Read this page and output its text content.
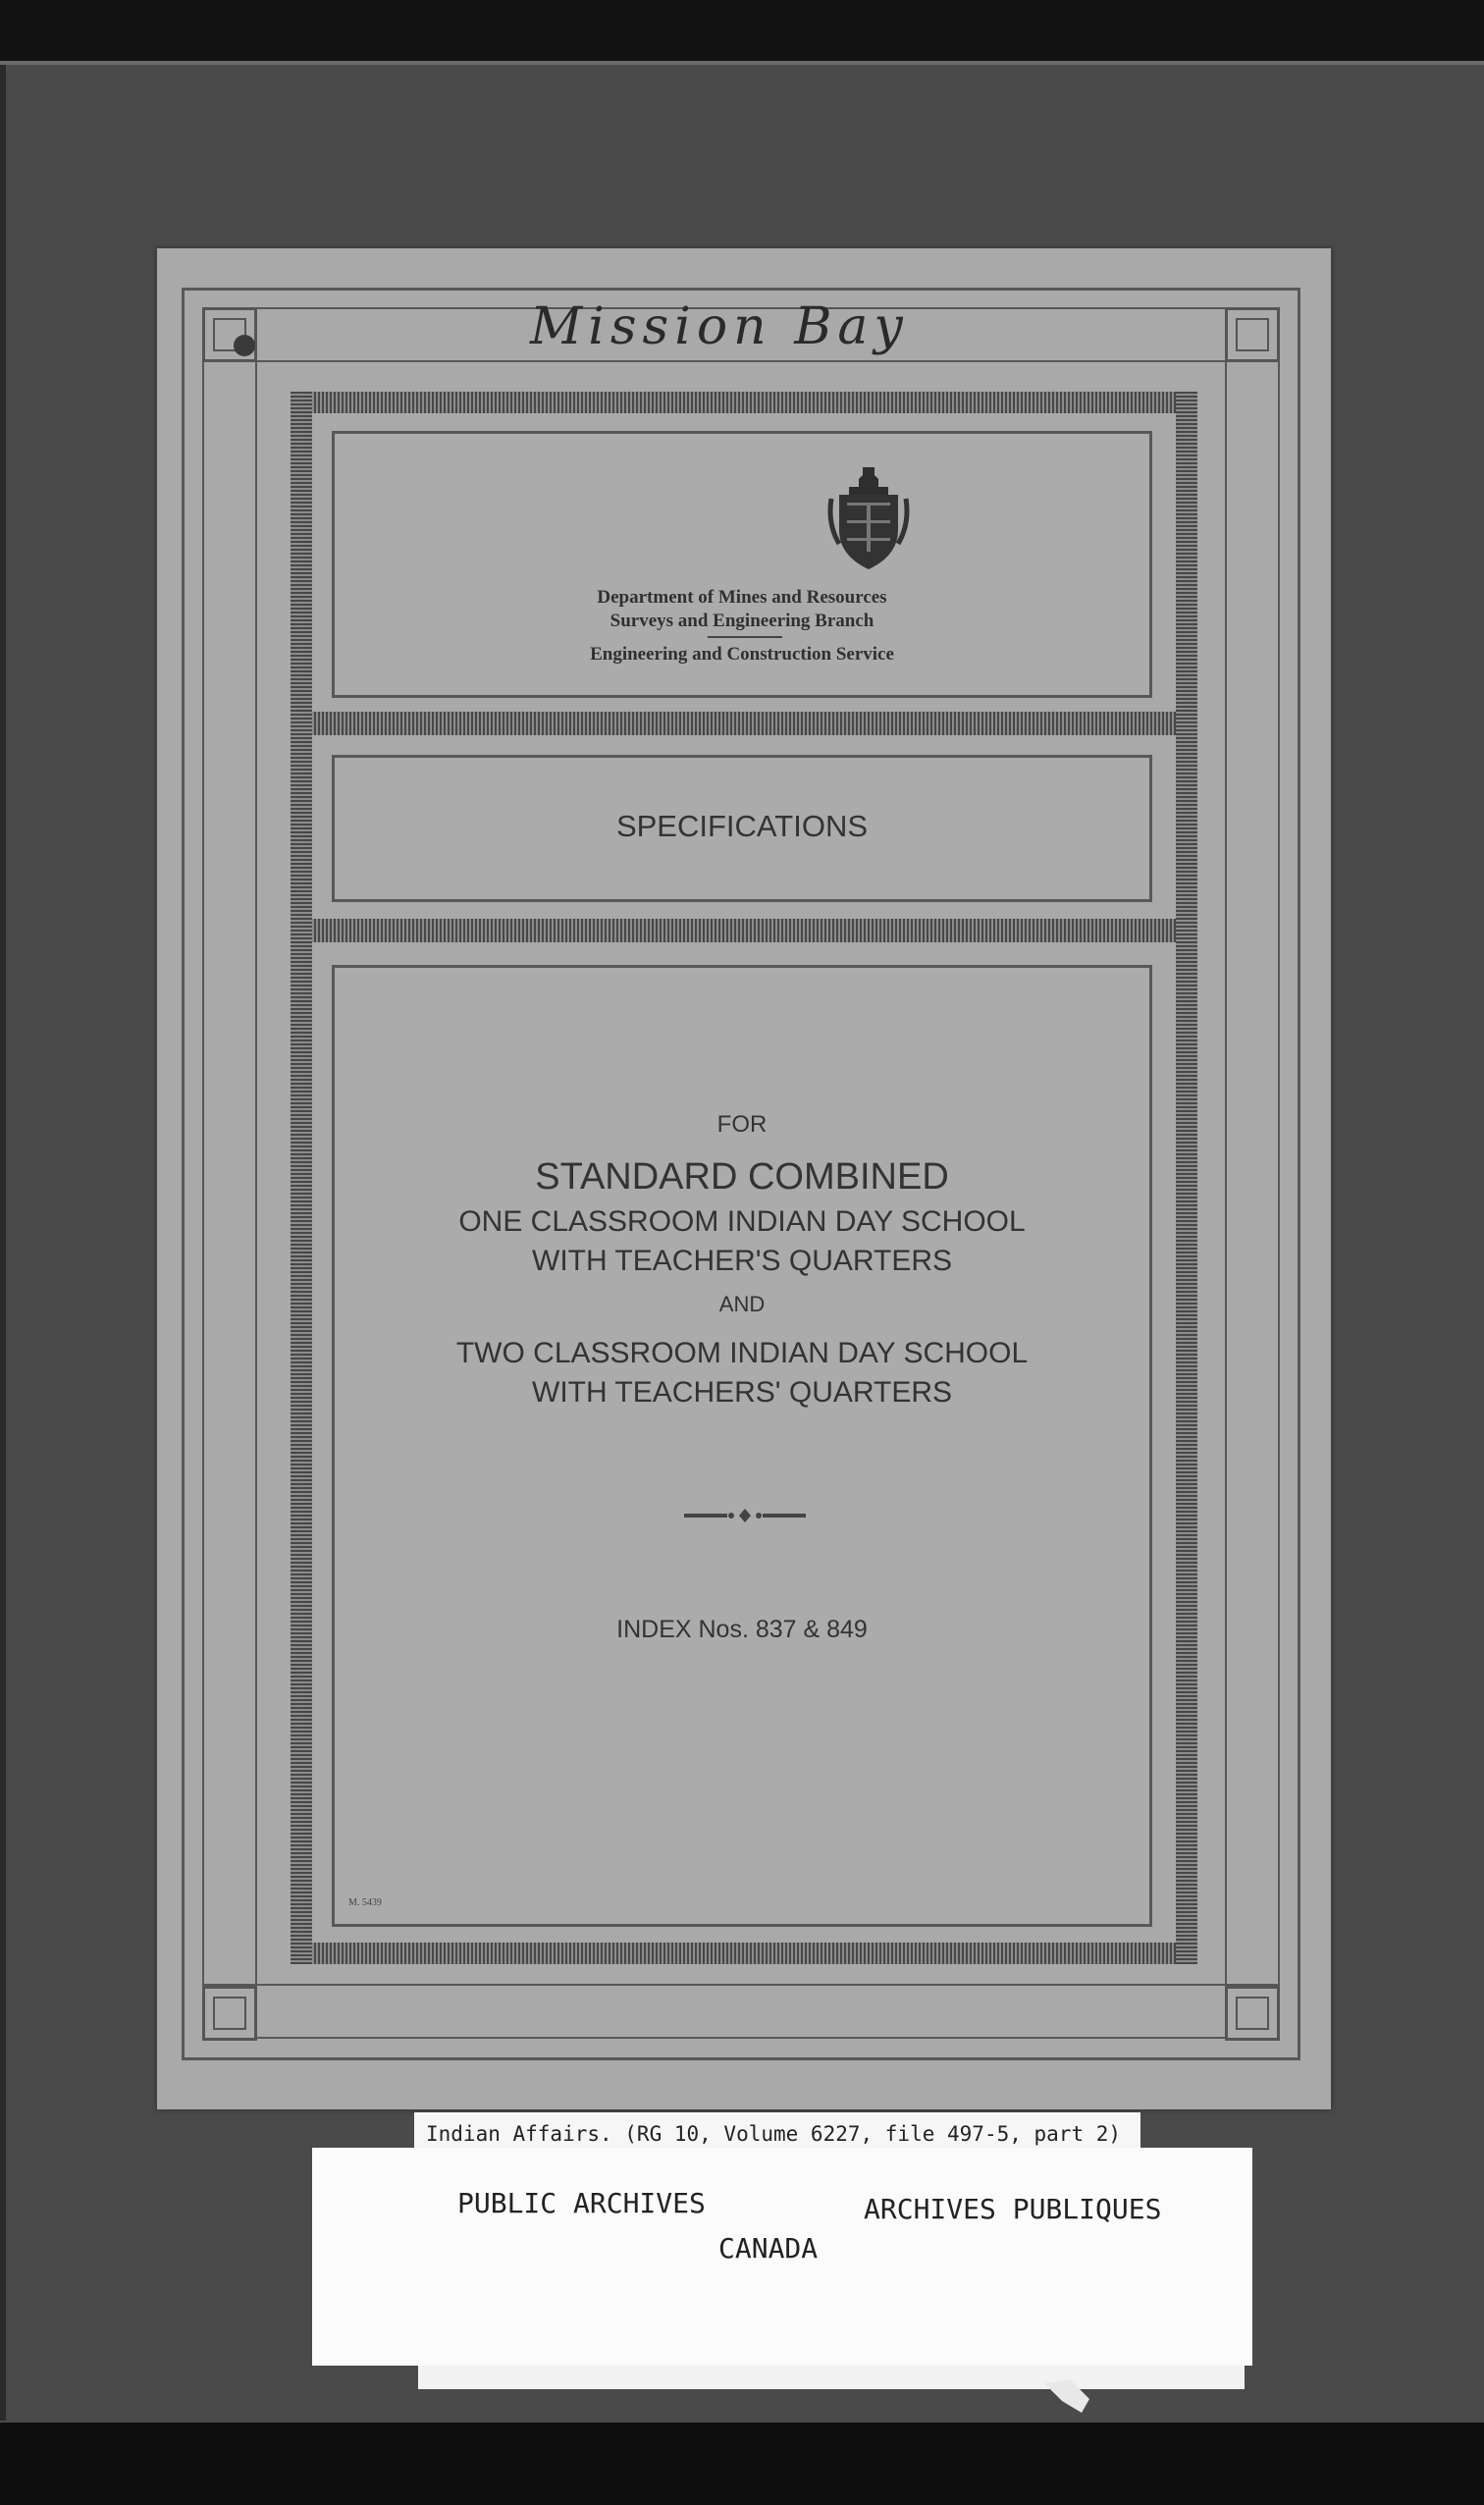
Mission Bay
Department of Mines and Resources
Surveys and Engineering Branch
Engineering and Construction Service
SPECIFICATIONS
FOR
STANDARD COMBINED
ONE CLASSROOM INDIAN DAY SCHOOL
WITH TEACHER'S QUARTERS
AND
TWO CLASSROOM INDIAN DAY SCHOOL
WITH TEACHERS' QUARTERS
INDEX Nos. 837 & 849
M. 5439
Indian Affairs. (RG 10, Volume 6227, file 497-5, part 2)
PUBLIC ARCHIVES	ARCHIVES PUBLIQUES
CANADA
